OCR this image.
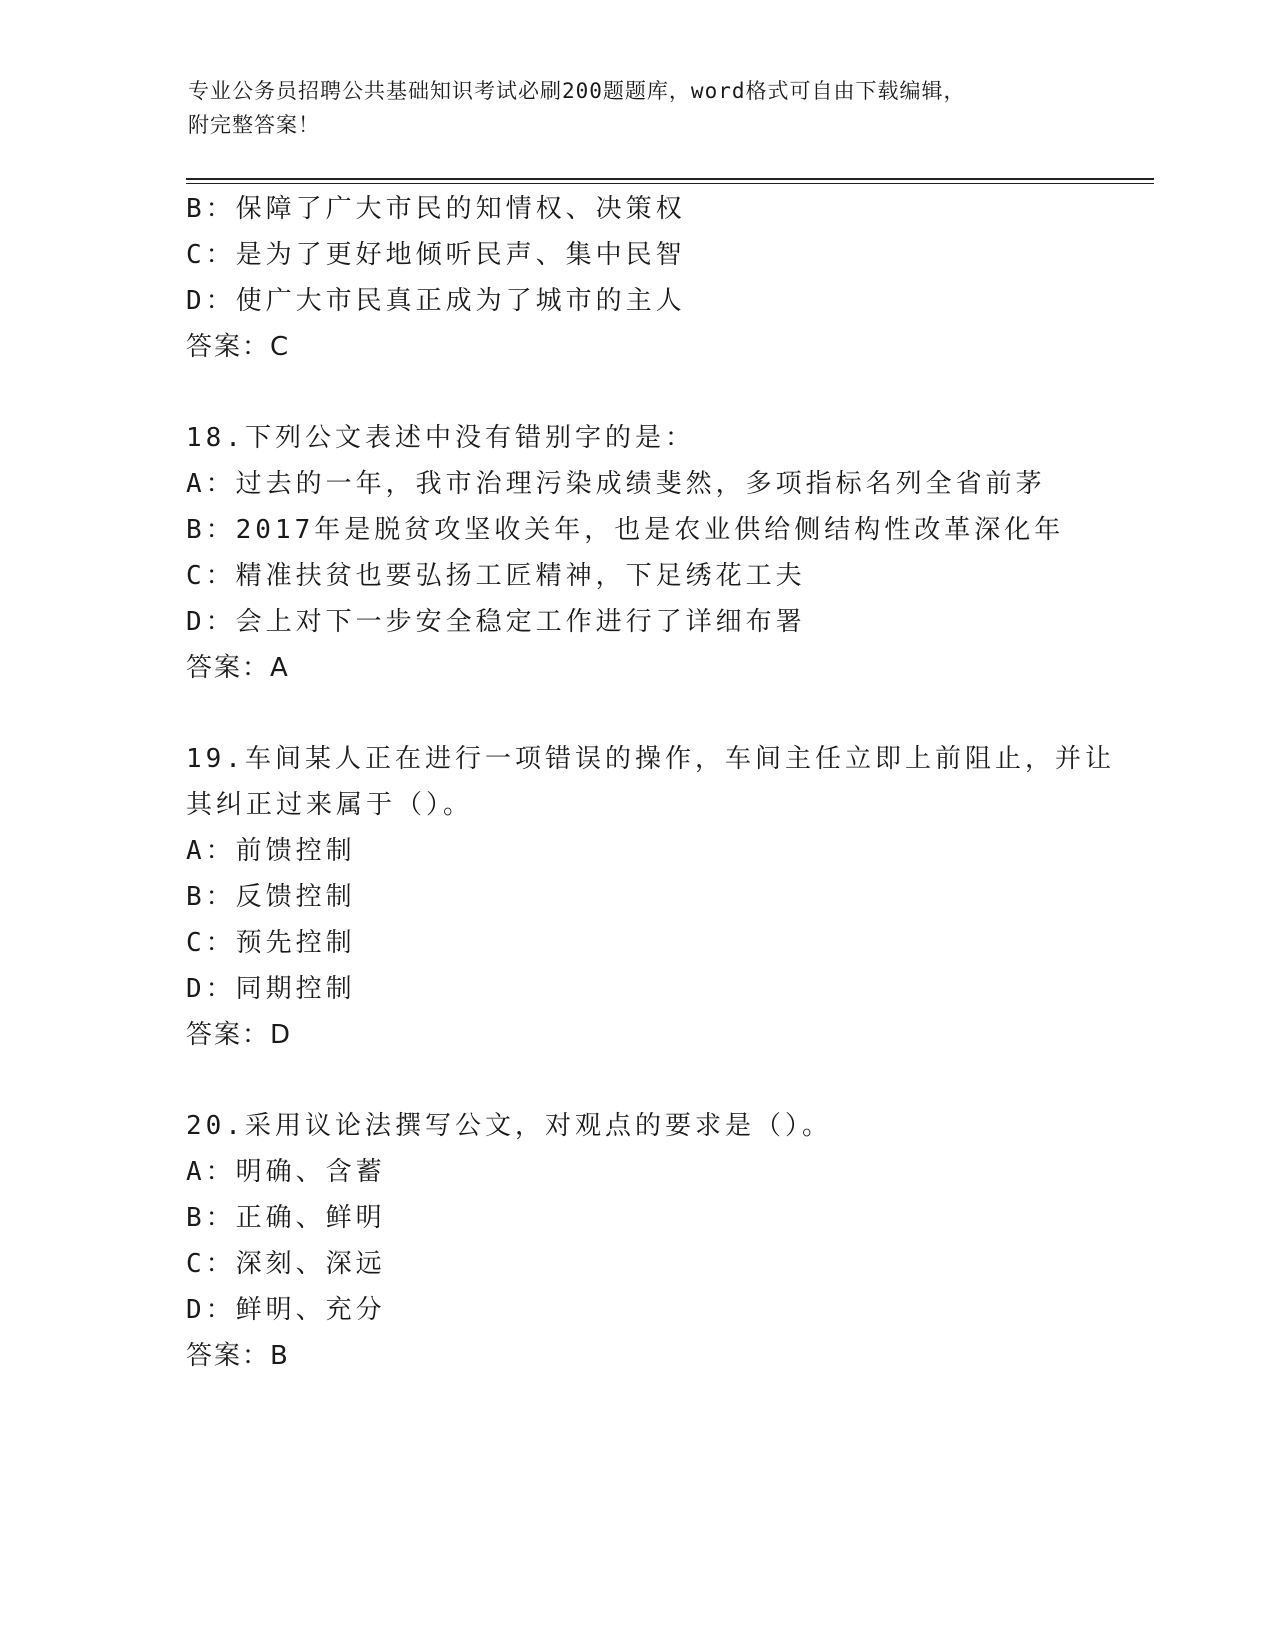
专业公务员招聘公共基础知识考试必刷200题题库，word格式可自由下载编辑，
附完整答案！
B：保障了广大市民的知情权、决策权
C：是为了更好地倾听民声、集中民智
D：使广大市民真正成为了城市的主人
答案：C
18.下列公文表述中没有错别字的是：
A：过去的一年，我市治理污染成绩斐然，多项指标名列全省前茅
B：2017年是脱贫攻坚收关年，也是农业供给侧结构性改革深化年
C：精准扶贫也要弘扬工匠精神，下足绣花工夫
D：会上对下一步安全稳定工作进行了详细布署
答案：A
19.车间某人正在进行一项错误的操作，车间主任立即上前阻止，并让
其纠正过来属于（）。
A：前馈控制
B：反馈控制
C：预先控制
D：同期控制
答案：D
20.采用议论法撰写公文，对观点的要求是（）。
A：明确、含蓄
B：正确、鲜明
C：深刻、深远
D：鲜明、充分
答案：B
